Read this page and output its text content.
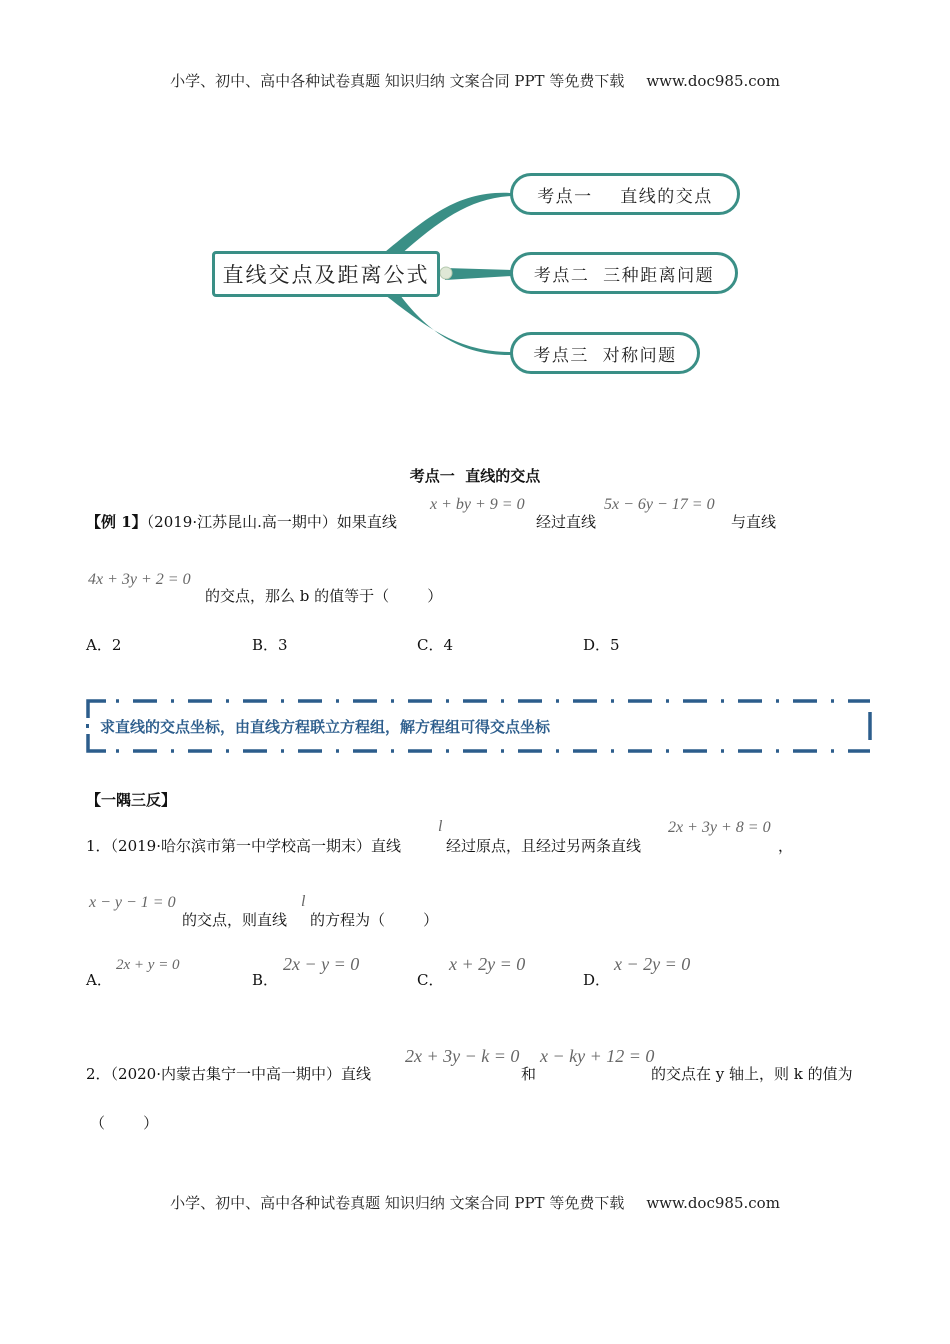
小学、初中、高中各种试卷真题 知识归纳 文案合同 PPT 等免费下载 www.doc985.com
直线交点及距离公式
考点一    直线的交点
考点二  三种距离问题
考点三  对称问题
考点一  直线的交点
【例 1】（2019·江苏昆山.高一期中）如果直线
x + by + 9 = 0
经过直线
5x − 6y − 17 = 0
与直线
4x + 3y + 2 = 0
的交点，那么 b 的值等于（        ）
A．2	B．3	C．4	D．5
求直线的交点坐标，由直线方程联立方程组，解方程组可得交点坐标
【一隅三反】
1．（2019·哈尔滨市第一中学校高一期末）直线
l
经过原点，且经过另两条直线
2x + 3y + 8 = 0
，
x − y − 1 = 0
的交点，则直线
l
的方程为（        ）
A．
2x + y = 0
B．
2x − y = 0
C．
x + 2y = 0
D．
x − 2y = 0
2．（2020·内蒙古集宁一中高一期中）直线
2x + 3y − k = 0
和
x − ky + 12 = 0
的交点在 y 轴上，则 k 的值为
（        ）
小学、初中、高中各种试卷真题 知识归纳 文案合同 PPT 等免费下载 www.doc985.com
